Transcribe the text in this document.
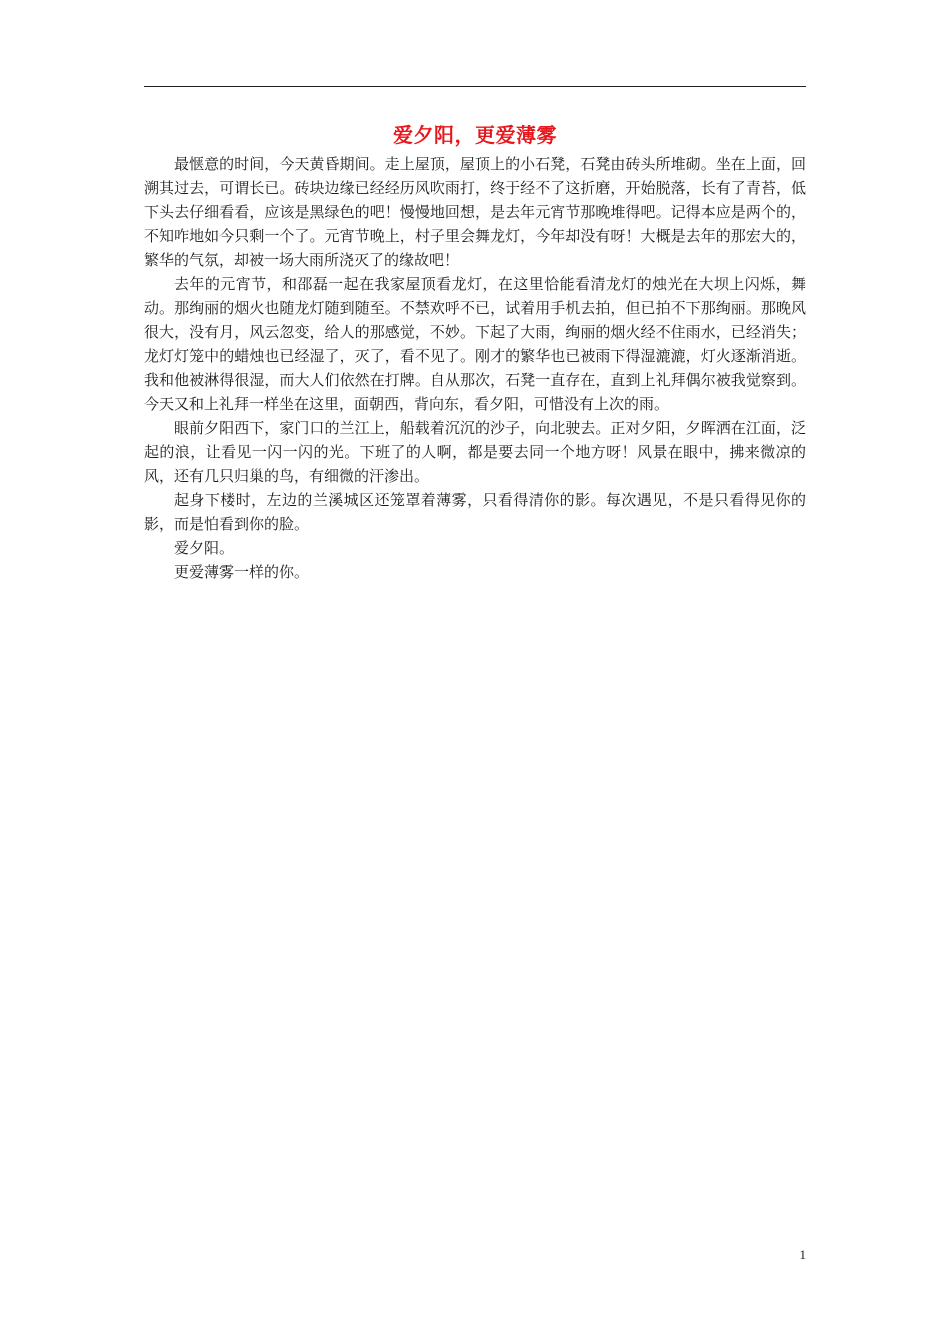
爱夕阳，更爱薄雾

最惬意的时间，今天黄昏期间。走上屋顶，屋顶上的小石凳，石凳由砖头所堆砌。坐在上面，回溯其过去，可谓长已。砖块边缘已经经历风吹雨打，终于经不了这折磨，开始脱落，长有了青苔，低下头去仔细看看，应该是黑绿色的吧！慢慢地回想，是去年元宵节那晚堆得吧。记得本应是两个的，不知咋地如今只剩一个了。元宵节晚上，村子里会舞龙灯，今年却没有呀！大概是去年的那宏大的，繁华的气氛，却被一场大雨所浇灭了的缘故吧！

去年的元宵节，和邵磊一起在我家屋顶看龙灯，在这里恰能看清龙灯的烛光在大坝上闪烁，舞动。那绚丽的烟火也随龙灯随到随至。不禁欢呼不已，试着用手机去拍，但已拍不下那绚丽。那晚风很大，没有月，风云忽变，给人的那感觉，不妙。下起了大雨，绚丽的烟火经不住雨水，已经消失；龙灯灯笼中的蜡烛也已经湿了，灭了，看不见了。刚才的繁华也已被雨下得湿漉漉，灯火逐渐消逝。我和他被淋得很湿，而大人们依然在打牌。自从那次，石凳一直存在，直到上礼拜偶尔被我觉察到。今天又和上礼拜一样坐在这里，面朝西，背向东，看夕阳，可惜没有上次的雨。

眼前夕阳西下，家门口的兰江上，船载着沉沉的沙子，向北驶去。正对夕阳，夕晖洒在江面，泛起的浪，让看见一闪一闪的光。下班了的人啊，都是要去同一个地方呀！风景在眼中，拂来微凉的风，还有几只归巢的鸟，有细微的汗渗出。

起身下楼时，左边的兰溪城区还笼罩着薄雾，只看得清你的影。每次遇见，不是只看得见你的影，而是怕看到你的脸。

爱夕阳。

更爱薄雾一样的你。

1
